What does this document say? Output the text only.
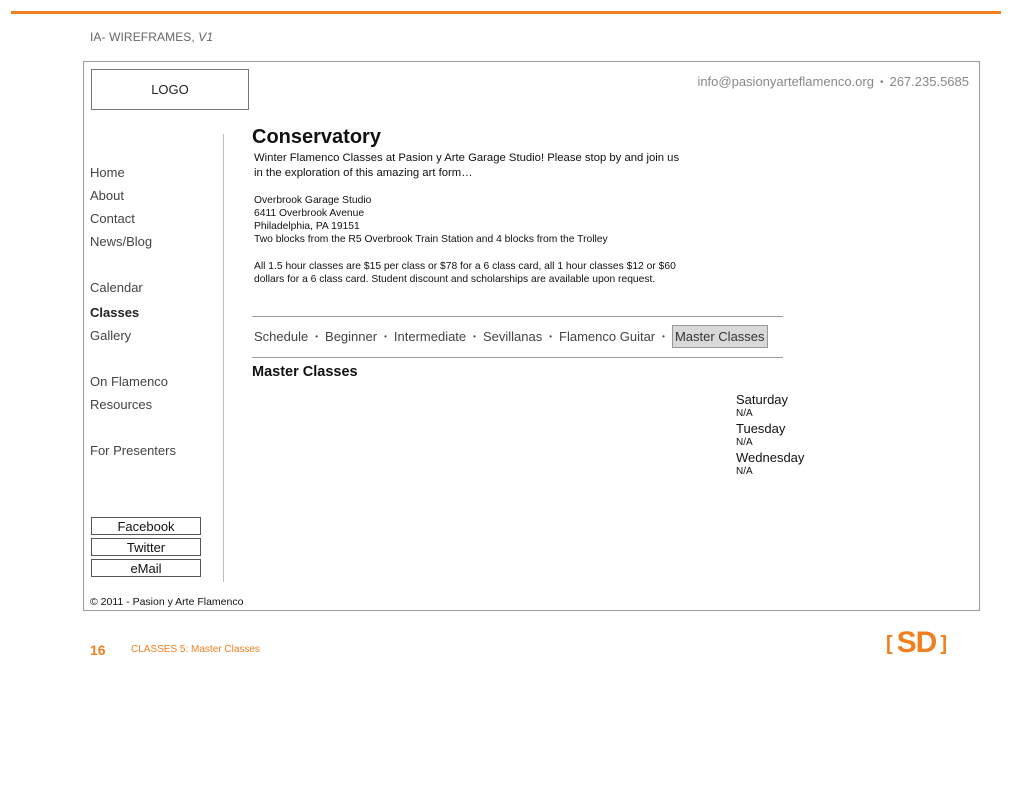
IA- WIREFRAMES, V1
LOGO
info@pasionyarteflamenco.org • 267.235.5685
Home
About
Contact
News/Blog
Calendar
Classes
Gallery
On Flamenco
Resources
For Presenters
Facebook
Twitter
eMail
Conservatory

Winter Flamenco Classes at Pasion y Arte Garage Studio! Please stop by and join us in the exploration of this amazing art form…

Overbrook Garage Studio
6411 Overbrook Avenue
Philadelphia, PA 19151
Two blocks from the R5 Overbrook Train Station and 4 blocks from the Trolley

All 1.5 hour classes are $15 per class or $78 for a 6 class card, all 1 hour classes $12 or $60 dollars for a 6 class card. Student discount and scholarships are available upon request.

Schedule • Beginner • Intermediate • Sevillanas • Flamenco Guitar • Master Classes
Master Classes
Saturday
N/A
Tuesday
N/A
Wednesday
N/A
© 2011 - Pasion y Arte Flamenco
16	CLASSES 5: Master Classes	[ SD ]
